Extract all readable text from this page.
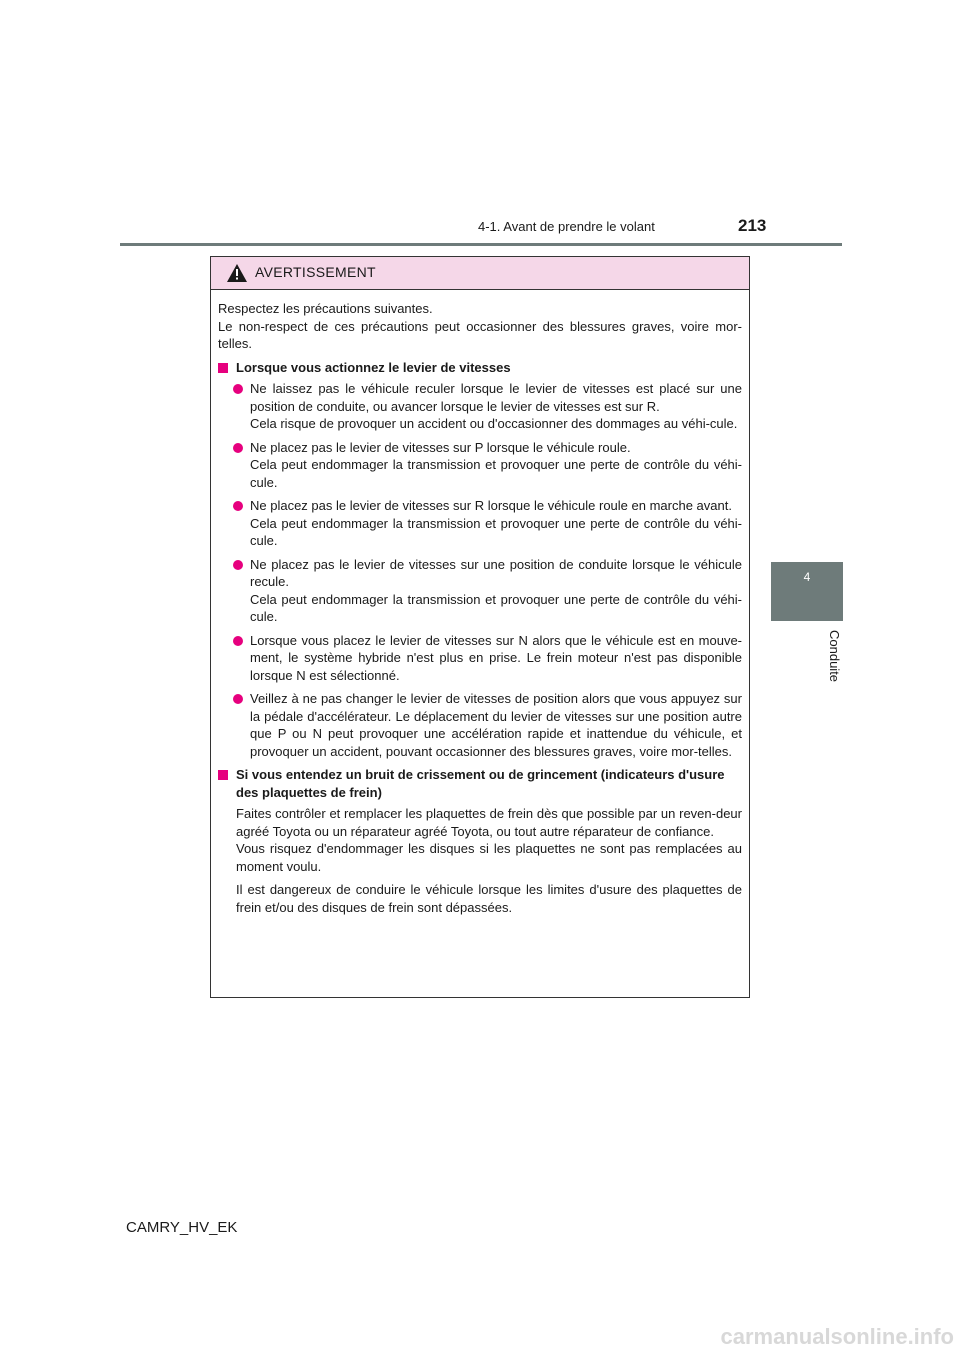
4-1. Avant de prendre le volant	213
4
Conduite
AVERTISSEMENT

Respectez les précautions suivantes.

Le non-respect de ces précautions peut occasionner des blessures graves, voire mor-telles.

Lorsque vous actionnez le levier de vitesses
Ne laissez pas le véhicule reculer lorsque le levier de vitesses est placé sur une position de conduite, ou avancer lorsque le levier de vitesses est sur R.
Cela risque de provoquer un accident ou d'occasionner des dommages au véhi-cule.
Ne placez pas le levier de vitesses sur P lorsque le véhicule roule.
Cela peut endommager la transmission et provoquer une perte de contrôle du véhi-cule.
Ne placez pas le levier de vitesses sur R lorsque le véhicule roule en marche avant.
Cela peut endommager la transmission et provoquer une perte de contrôle du véhi-cule.
Ne placez pas le levier de vitesses sur une position de conduite lorsque le véhicule recule.
Cela peut endommager la transmission et provoquer une perte de contrôle du véhi-cule.
Lorsque vous placez le levier de vitesses sur N alors que le véhicule est en mouve-ment, le système hybride n'est plus en prise. Le frein moteur n'est pas disponible lorsque N est sélectionné.
Veillez à ne pas changer le levier de vitesses de position alors que vous appuyez sur la pédale d'accélérateur. Le déplacement du levier de vitesses sur une position autre que P ou N peut provoquer une accélération rapide et inattendue du véhicule, et provoquer un accident, pouvant occasionner des blessures graves, voire mor-telles.
Si vous entendez un bruit de crissement ou de grincement (indicateurs d'usure des plaquettes de frein)

Faites contrôler et remplacer les plaquettes de frein dès que possible par un reven-deur agréé Toyota ou un réparateur agréé Toyota, ou tout autre réparateur de confiance.

Vous risquez d'endommager les disques si les plaquettes ne sont pas remplacées au moment voulu.

Il est dangereux de conduire le véhicule lorsque les limites d'usure des plaquettes de frein et/ou des disques de frein sont dépassées.

CAMRY_HV_EK
carmanualsonline.info
